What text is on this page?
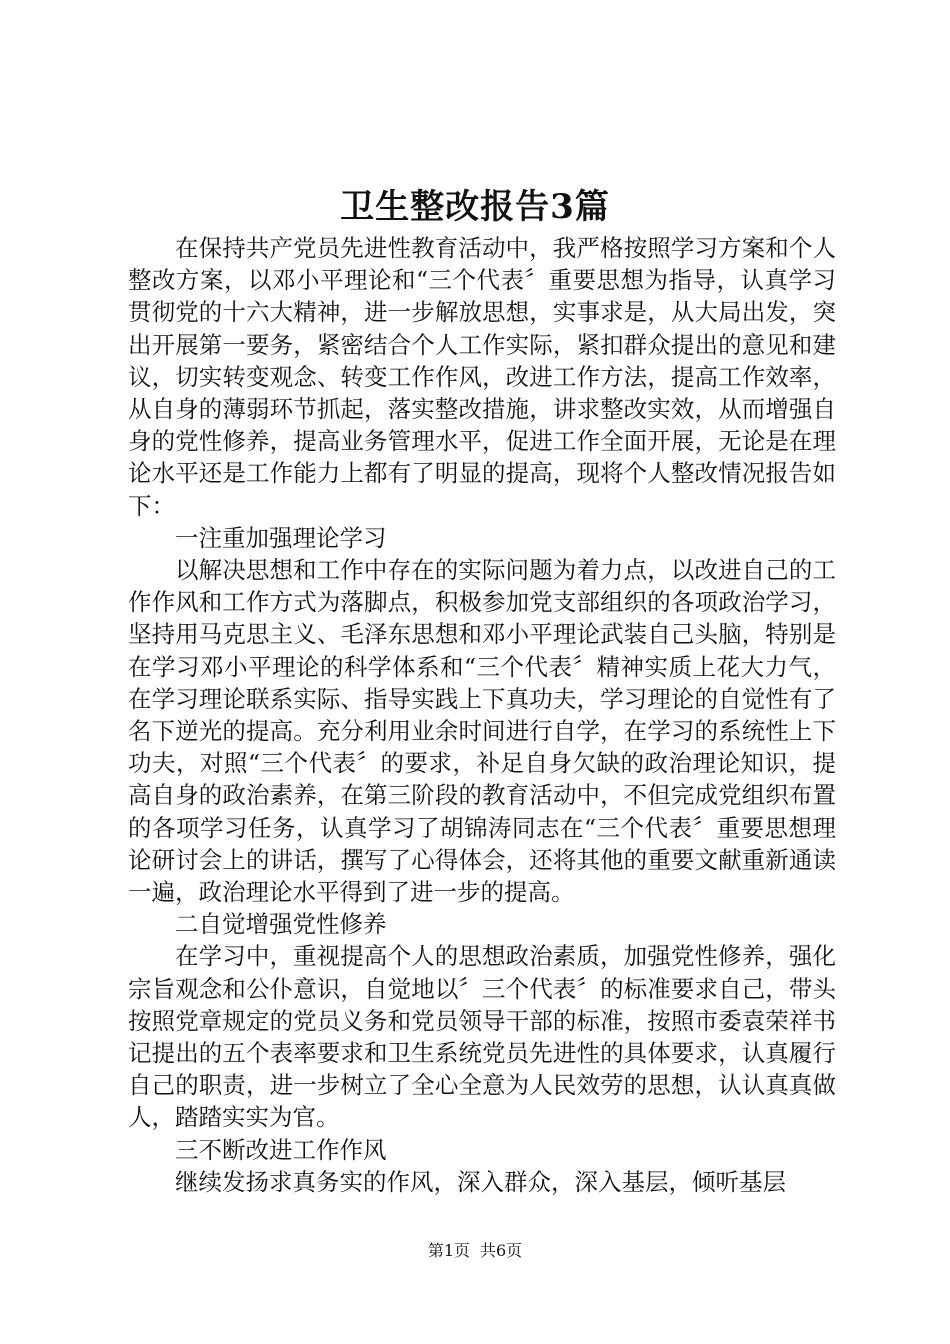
卫生整改报告3篇

在保持共产党员先进性教育活动中，我严格按照学习方案和个人整改方案，以邓小平理论和“三个代表〞重要思想为指导，认真学习贯彻党的十六大精神，进一步解放思想，实事求是，从大局出发，突出开展第一要务，紧密结合个人工作实际，紧扣群众提出的意见和建议，切实转变观念、转变工作作风，改进工作方法，提高工作效率，从自身的薄弱环节抓起，落实整改措施，讲求整改实效，从而增强自身的党性修养，提高业务管理水平，促进工作全面开展，无论是在理论水平还是工作能力上都有了明显的提高，现将个人整改情况报告如下：

一注重加强理论学习

以解决思想和工作中存在的实际问题为着力点，以改进自己的工作作风和工作方式为落脚点，积极参加党支部组织的各项政治学习，坚持用马克思主义、毛泽东思想和邓小平理论武装自己头脑，特别是在学习邓小平理论的科学体系和“三个代表〞精神实质上花大力气，在学习理论联系实际、指导实践上下真功夫，学习理论的自觉性有了名下逆光的提高。充分利用业余时间进行自学，在学习的系统性上下功夫，对照“三个代表〞的要求，补足自身欠缺的政治理论知识，提高自身的政治素养，在第三阶段的教育活动中，不但完成党组织布置的各项学习任务，认真学习了胡锦涛同志在“三个代表〞重要思想理论研讨会上的讲话，撰写了心得体会，还将其他的重要文献重新通读一遍，政治理论水平得到了进一步的提高。

二自觉增强党性修养

在学习中，重视提高个人的思想政治素质，加强党性修养，强化宗旨观念和公仆意识，自觉地以〞三个代表〞的标准要求自己，带头按照党章规定的党员义务和党员领导干部的标准，按照市委袁荣祥书记提出的五个表率要求和卫生系统党员先进性的具体要求，认真履行自己的职责，进一步树立了全心全意为人民效劳的思想，认认真真做人，踏踏实实为官。

三不断改进工作作风

继续发扬求真务实的作风，深入群众，深入基层，倾听基层

第1页 共6页
